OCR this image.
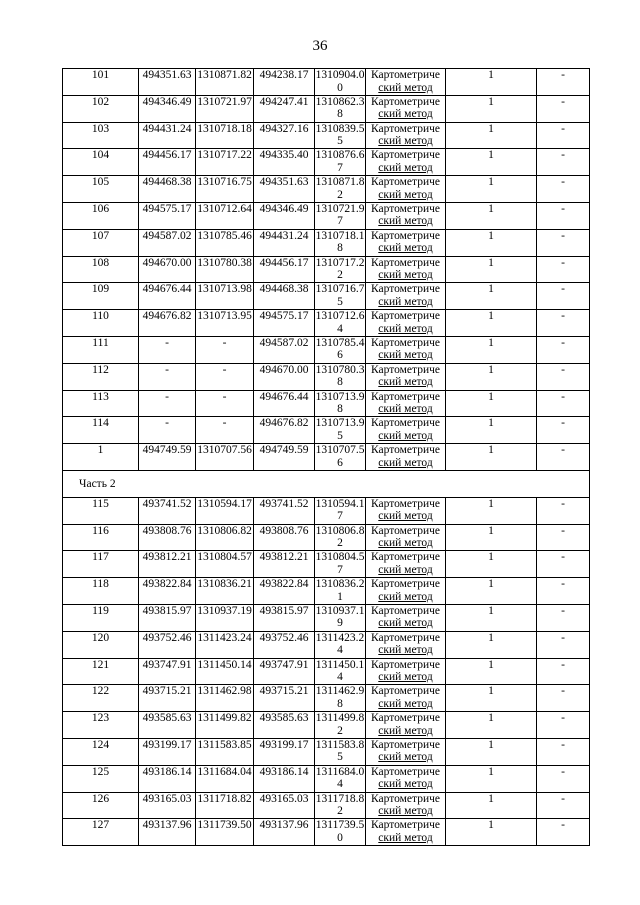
36
101	494351.63	1310871.82	494238.17	1310904.00	Картометриче
ский метод	1	-
102	494346.49	1310721.97	494247.41	1310862.38	Картометриче
ский метод	1	-
103	494431.24	1310718.18	494327.16	1310839.55	Картометриче
ский метод	1	-
104	494456.17	1310717.22	494335.40	1310876.67	Картометриче
ский метод	1	-
105	494468.38	1310716.75	494351.63	1310871.82	Картометриче
ский метод	1	-
106	494575.17	1310712.64	494346.49	1310721.97	Картометриче
ский метод	1	-
107	494587.02	1310785.46	494431.24	1310718.18	Картометриче
ский метод	1	-
108	494670.00	1310780.38	494456.17	1310717.22	Картометриче
ский метод	1	-
109	494676.44	1310713.98	494468.38	1310716.75	Картометриче
ский метод	1	-
110	494676.82	1310713.95	494575.17	1310712.64	Картометриче
ский метод	1	-
111	-	-	494587.02	1310785.46	Картометриче
ский метод	1	-
112	-	-	494670.00	1310780.38	Картометриче
ский метод	1	-
113	-	-	494676.44	1310713.98	Картометриче
ский метод	1	-
114	-	-	494676.82	1310713.95	Картометриче
ский метод	1	-
1	494749.59	1310707.56	494749.59	1310707.56	Картометриче
ский метод	1	-
Часть 2							
115	493741.52	1310594.17	493741.52	1310594.17	Картометриче
ский метод	1	-
116	493808.76	1310806.82	493808.76	1310806.82	Картометриче
ский метод	1	-
117	493812.21	1310804.57	493812.21	1310804.57	Картометриче
ский метод	1	-
118	493822.84	1310836.21	493822.84	1310836.21	Картометриче
ский метод	1	-
119	493815.97	1310937.19	493815.97	1310937.19	Картометриче
ский метод	1	-
120	493752.46	1311423.24	493752.46	1311423.24	Картометриче
ский метод	1	-
121	493747.91	1311450.14	493747.91	1311450.14	Картометриче
ский метод	1	-
122	493715.21	1311462.98	493715.21	1311462.98	Картометриче
ский метод	1	-
123	493585.63	1311499.82	493585.63	1311499.82	Картометриче
ский метод	1	-
124	493199.17	1311583.85	493199.17	1311583.85	Картометриче
ский метод	1	-
125	493186.14	1311684.04	493186.14	1311684.04	Картометриче
ский метод	1	-
126	493165.03	1311718.82	493165.03	1311718.82	Картометриче
ский метод	1	-
127	493137.96	1311739.50	493137.96	1311739.50	Картометриче
ский метод	1	-
